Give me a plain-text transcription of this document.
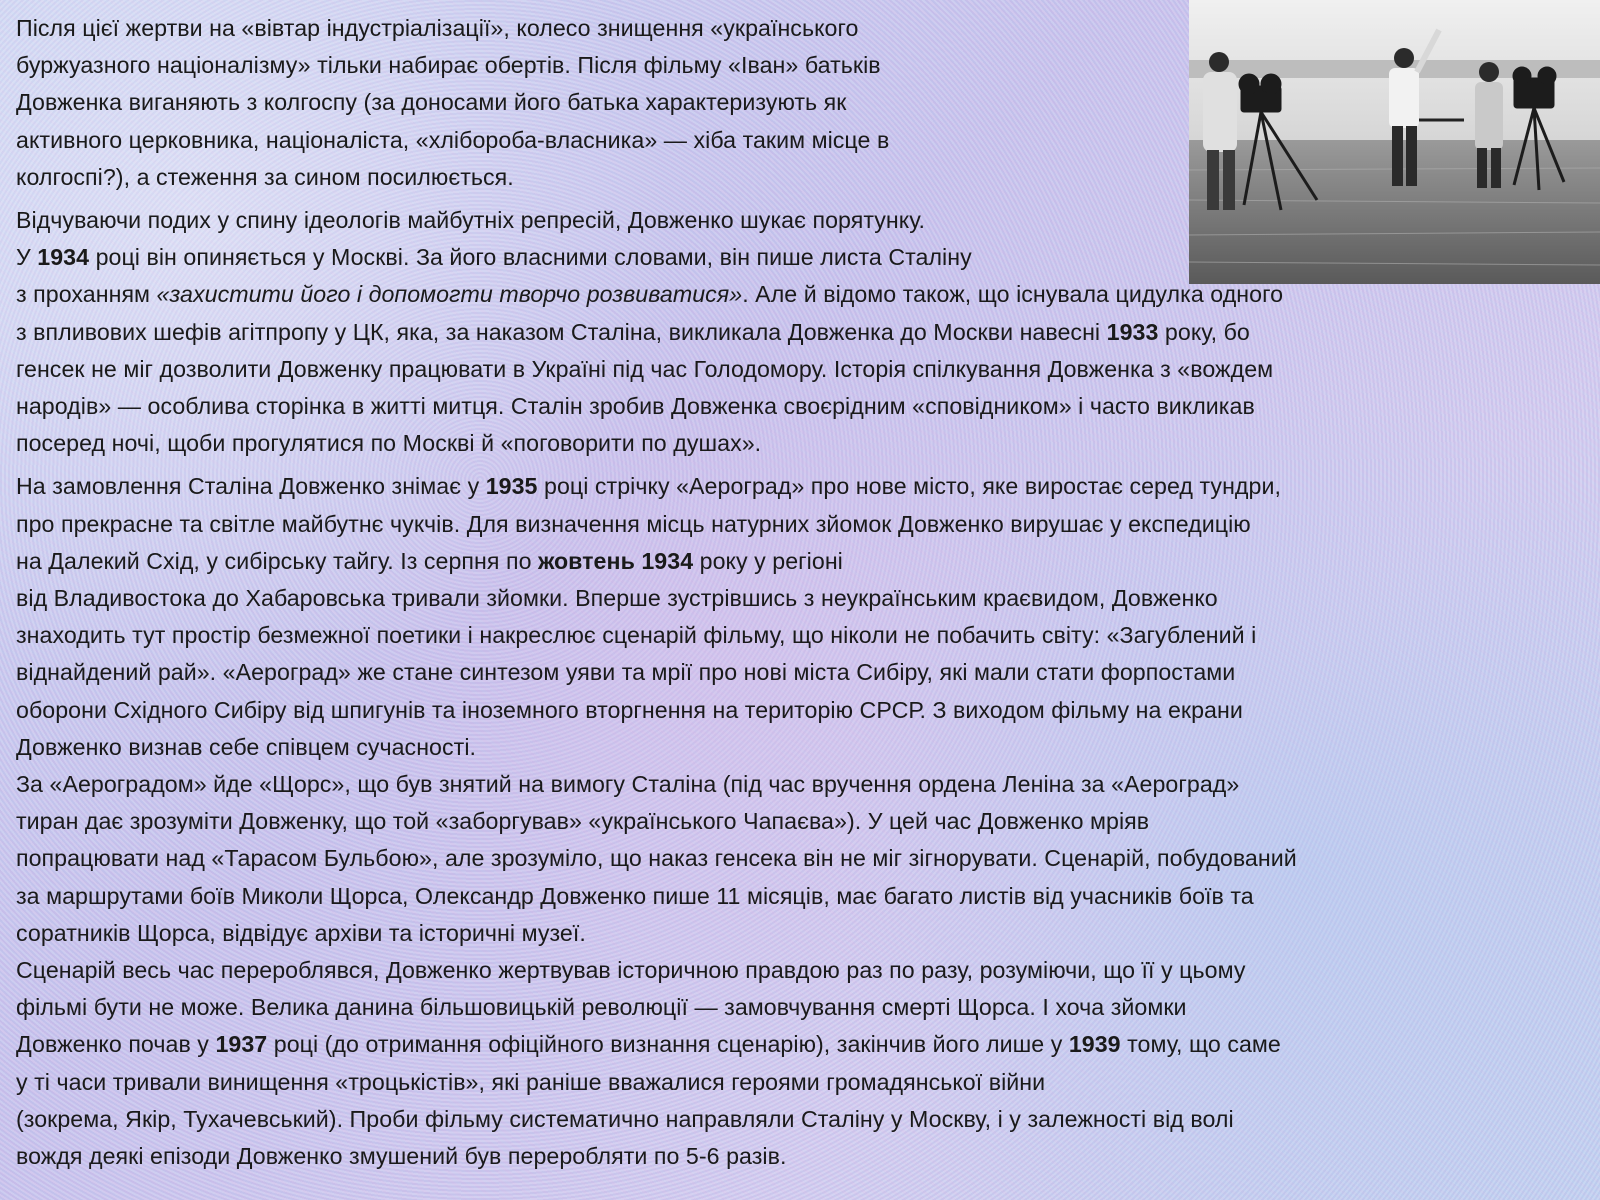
Після цієї жертви на «вівтар індустріалізації», колесо знищення «українського
буржуазного націоналізму» тільки набирає обертів. Після фільму «Іван» батьків
Довженка виганяють з колгоспу (за доносами його батька характеризують як
активного церковника, націоналіста, «хлібороба-власника» — хіба таким місце в
колгоспі?), а стеження за сином посилюється.

Відчуваючи подих у спину ідеологів майбутніх репресій, Довженко шукає порятунку.
У 1934 році він опиняється у Москві. За його власними словами, він пише листа Сталіну
з проханням «захистити його і допомогти творчо розвиватися». Але й відомо також, що існувала цидулка одного
з впливових шефів агітпропу у ЦК, яка, за наказом Сталіна, викликала Довженка до Москви навесні 1933 року, бо
генсек не міг дозволити Довженку працювати в Україні під час Голодомору. Історія спілкування Довженка з «вождем
народів» — особлива сторінка в житті митця. Сталін зробив Довженка своєрідним «сповідником» і часто викликав
посеред ночі, щоби прогулятися по Москві й «поговорити по душах».

На замовлення Сталіна Довженко знімає у 1935 році стрічку «Аероград» про нове місто, яке виростає серед тундри,
про прекрасне та світле майбутнє чукчів. Для визначення місць натурних зйомок Довженко вирушає у експедицію
на Далекий Схід, у сибірську тайгу. Із серпня по жовтень 1934 року у регіоні
від Владивостока до Хабаровська тривали зйомки. Вперше зустрівшись з неукраїнським краєвидом, Довженко
знаходить тут простір безмежної поетики і накреслює сценарій фільму, що ніколи не побачить світу: «Загублений і
віднайдений рай». «Аероград» же стане синтезом уяви та мрії про нові міста Сибіру, які мали стати форпостами
оборони Східного Сибіру від шпигунів та іноземного вторгнення на територію СРСР. З виходом фільму на екрани
Довженко визнав себе співцем сучасності.
За «Аероградом» йде «Щорс», що був знятий на вимогу Сталіна (під час вручення ордена Леніна за «Аероград»
тиран дає зрозуміти Довженку, що той «заборгував» «українського Чапаєва»). У цей час Довженко мріяв
попрацювати над «Тарасом Бульбою», але зрозуміло, що наказ генсека він не міг зігнорувати. Сценарій, побудований
за маршрутами боїв Миколи Щорса, Олександр Довженко пише 11 місяців, має багато листів від учасників боїв та
соратників Щорса, відвідує архіви та історичні музеї.
Сценарій весь час перероблявся, Довженко жертвував історичною правдою раз по разу, розуміючи, що її у цьому
фільмі бути не може. Велика данина більшовицькій революції — замовчування смерті Щорса. І хоча зйомки
Довженко почав у 1937 році (до отримання офіційного визнання сценарію), закінчив його лише у 1939 тому, що саме
у ті часи тривали винищення «троцькістів», які раніше вважалися героями громадянської війни
(зокрема, Якір, Тухачевський). Проби фільму систематично направляли Сталіну у Москву, і у залежності від волі
вождя деякі епізоди Довженко змушений був переробляти по 5-6 разів.
